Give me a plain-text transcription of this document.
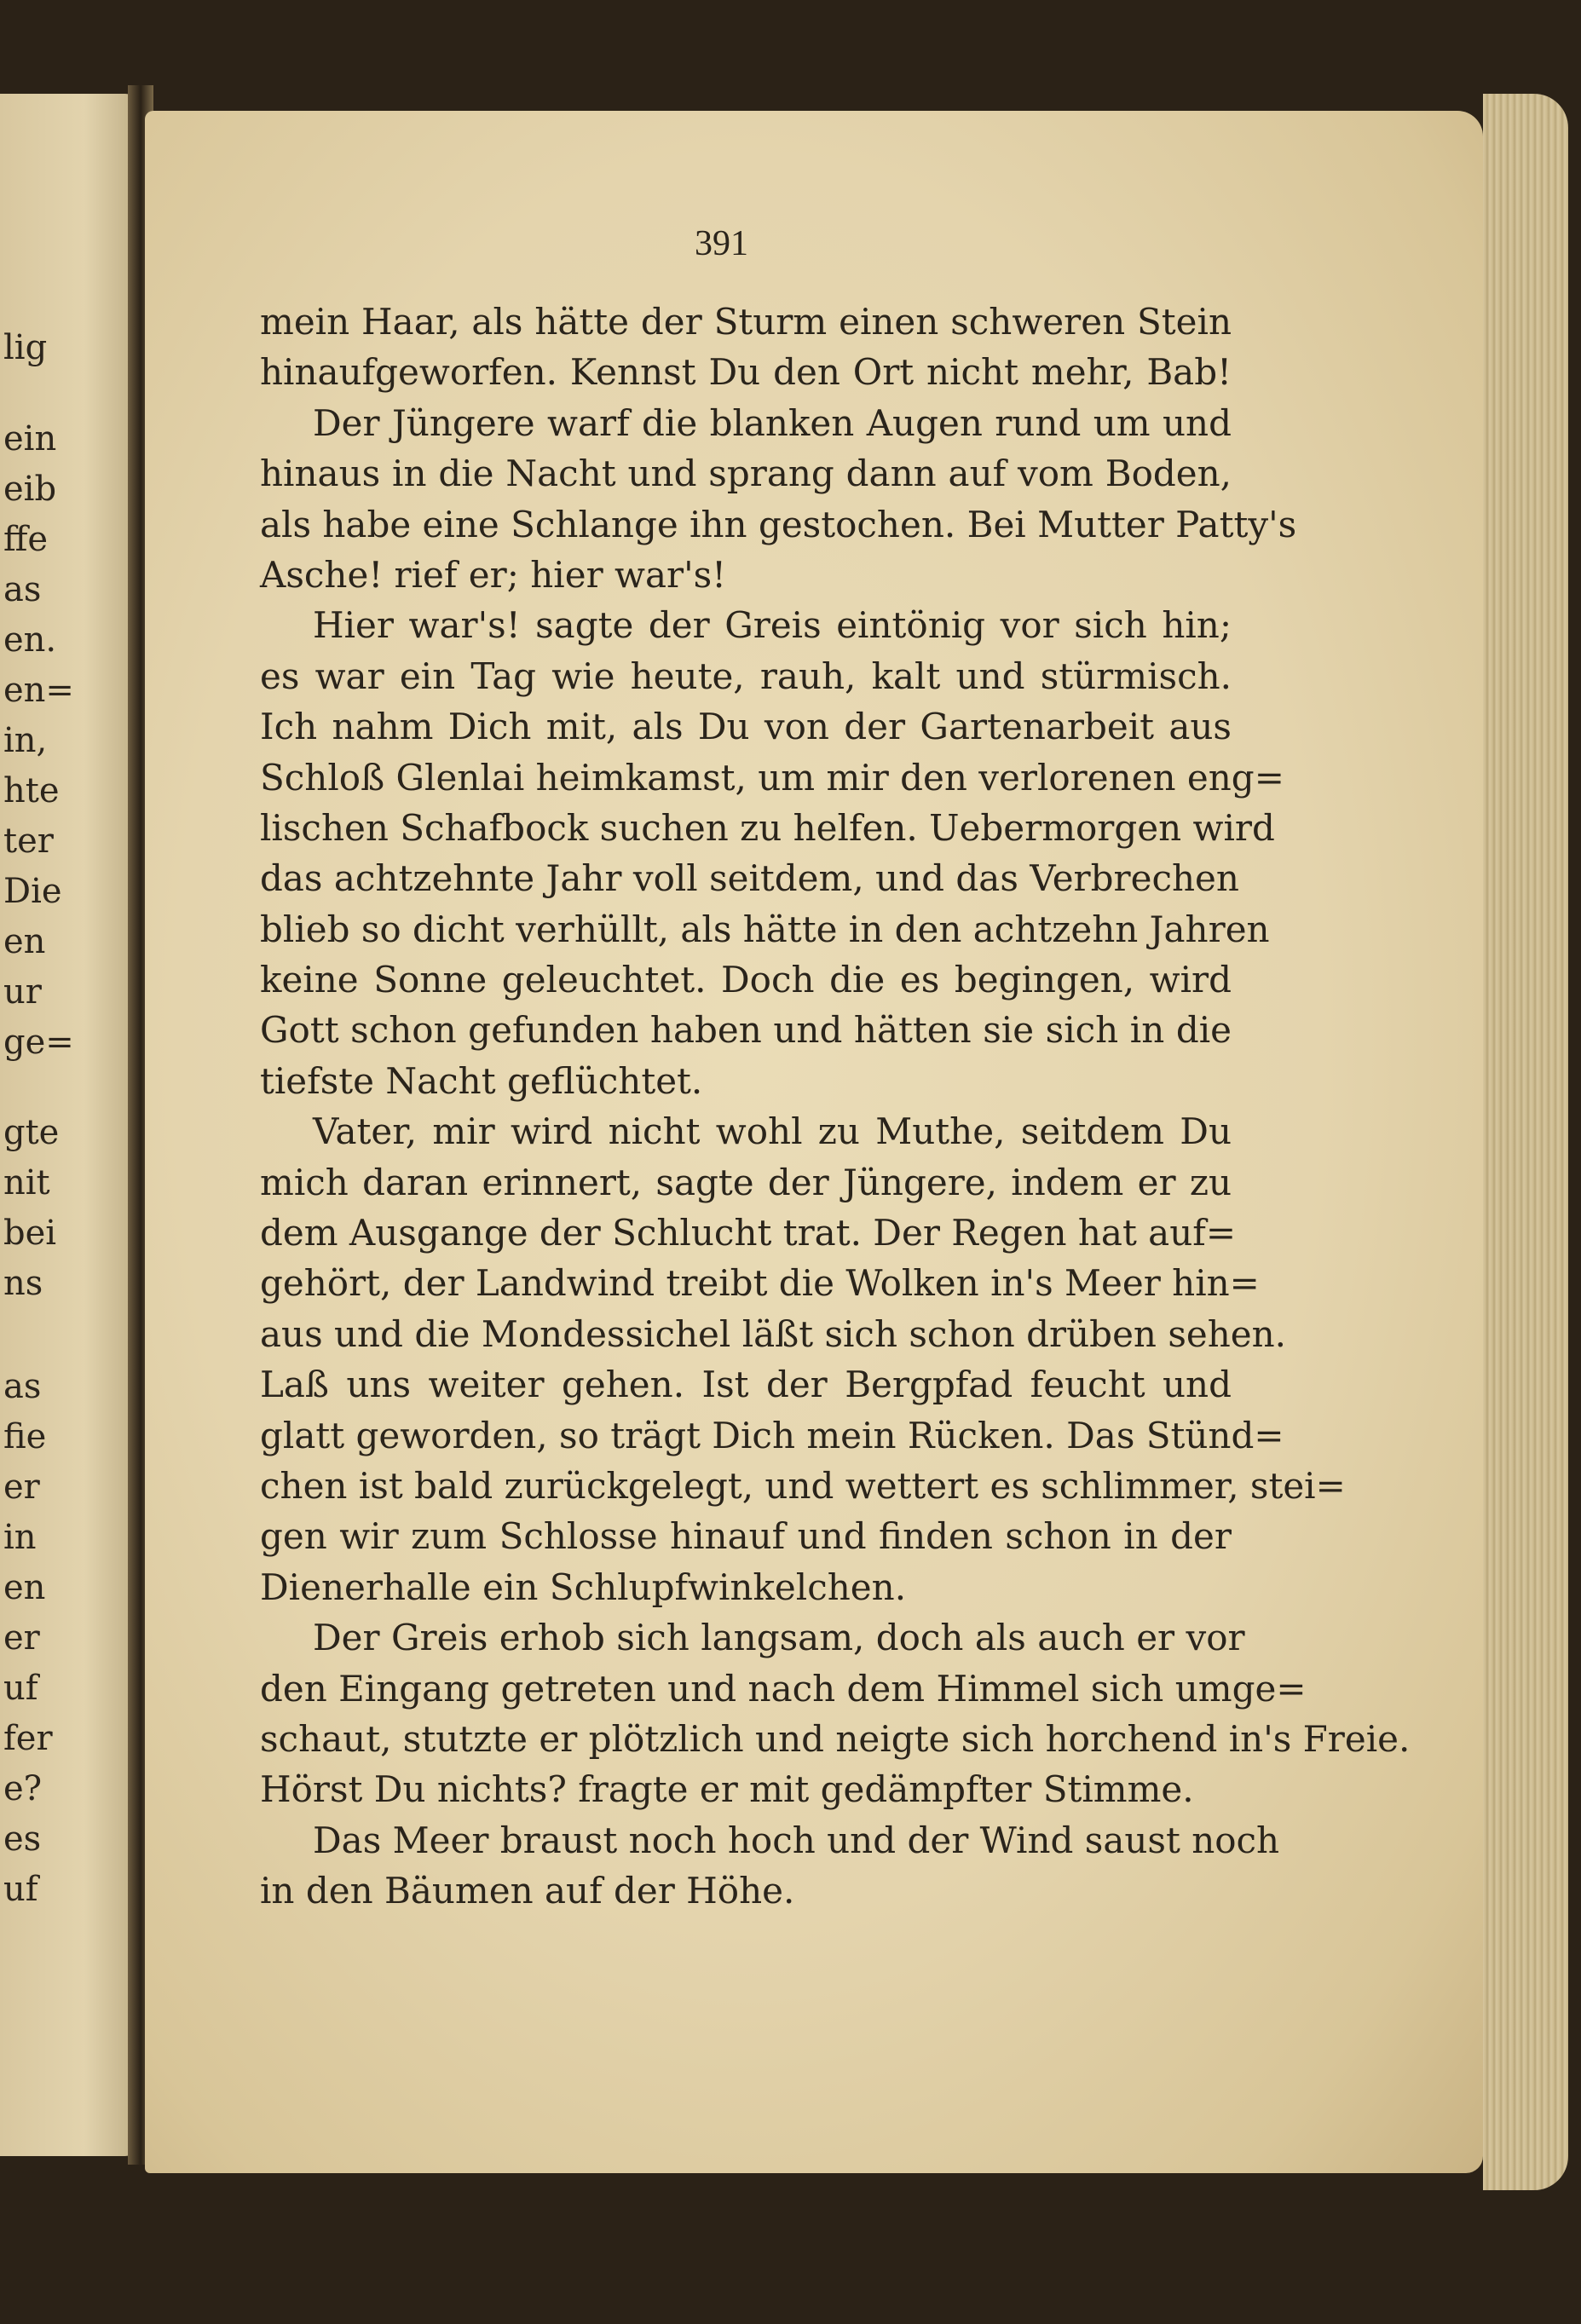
lig
ein
eib
ffe
as
en.
en=
in,
hte
ter
Die
en
ur
ge=
gte
nit
bei
ns
as
fie
er
in
en
er
uf
fer
e?
es
uf
391
mein Haar, als hätte der Sturm einen schweren Stein
hinaufgeworfen. Kennst Du den Ort nicht mehr, Bab!
Der Jüngere warf die blanken Augen rund um und
hinaus in die Nacht und sprang dann auf vom Boden,
als habe eine Schlange ihn gestochen. Bei Mutter Patty's
Asche! rief er; hier war's!
Hier war's! sagte der Greis eintönig vor sich hin;
es war ein Tag wie heute, rauh, kalt und stürmisch.
Ich nahm Dich mit, als Du von der Gartenarbeit aus
Schloß Glenlai heimkamst, um mir den verlorenen eng=
lischen Schafbock suchen zu helfen. Uebermorgen wird
das achtzehnte Jahr voll seitdem, und das Verbrechen
blieb so dicht verhüllt, als hätte in den achtzehn Jahren
keine Sonne geleuchtet. Doch die es begingen, wird
Gott schon gefunden haben und hätten sie sich in die
tiefste Nacht geflüchtet.
Vater, mir wird nicht wohl zu Muthe, seitdem Du
mich daran erinnert, sagte der Jüngere, indem er zu
dem Ausgange der Schlucht trat. Der Regen hat auf=
gehört, der Landwind treibt die Wolken in's Meer hin=
aus und die Mondessichel läßt sich schon drüben sehen.
Laß uns weiter gehen. Ist der Bergpfad feucht und
glatt geworden, so trägt Dich mein Rücken. Das Stünd=
chen ist bald zurückgelegt, und wettert es schlimmer, stei=
gen wir zum Schlosse hinauf und finden schon in der
Dienerhalle ein Schlupfwinkelchen.
Der Greis erhob sich langsam, doch als auch er vor
den Eingang getreten und nach dem Himmel sich umge=
schaut, stutzte er plötzlich und neigte sich horchend in's Freie.
Hörst Du nichts? fragte er mit gedämpfter Stimme.
Das Meer braust noch hoch und der Wind saust noch
in den Bäumen auf der Höhe.
